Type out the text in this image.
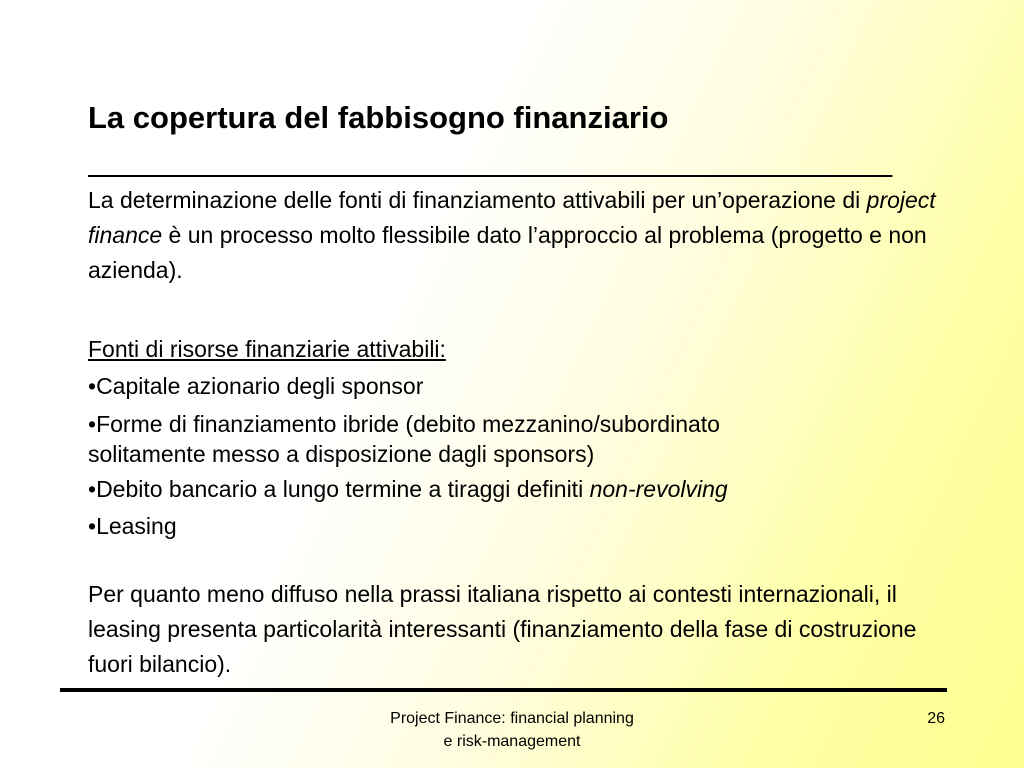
La copertura del fabbisogno finanziario
________________________________________________
La determinazione delle fonti di finanziamento attivabili per un’operazione di project finance è un processo molto flessibile dato l’approccio al problema (progetto e non azienda).

Fonti di risorse finanziarie attivabili:

•Capitale azionario degli sponsor

•Forme di finanziamento ibride (debito mezzanino/subordinato
solitamente messo a disposizione dagli sponsors)

•Debito bancario a lungo termine a tiraggi definiti non-revolving

•Leasing

Per quanto meno diffuso nella prassi italiana rispetto ai contesti internazionali, il leasing presenta particolarità interessanti (finanziamento della fase di costruzione fuori bilancio).
Project Finance: financial planning
e risk-management
26
